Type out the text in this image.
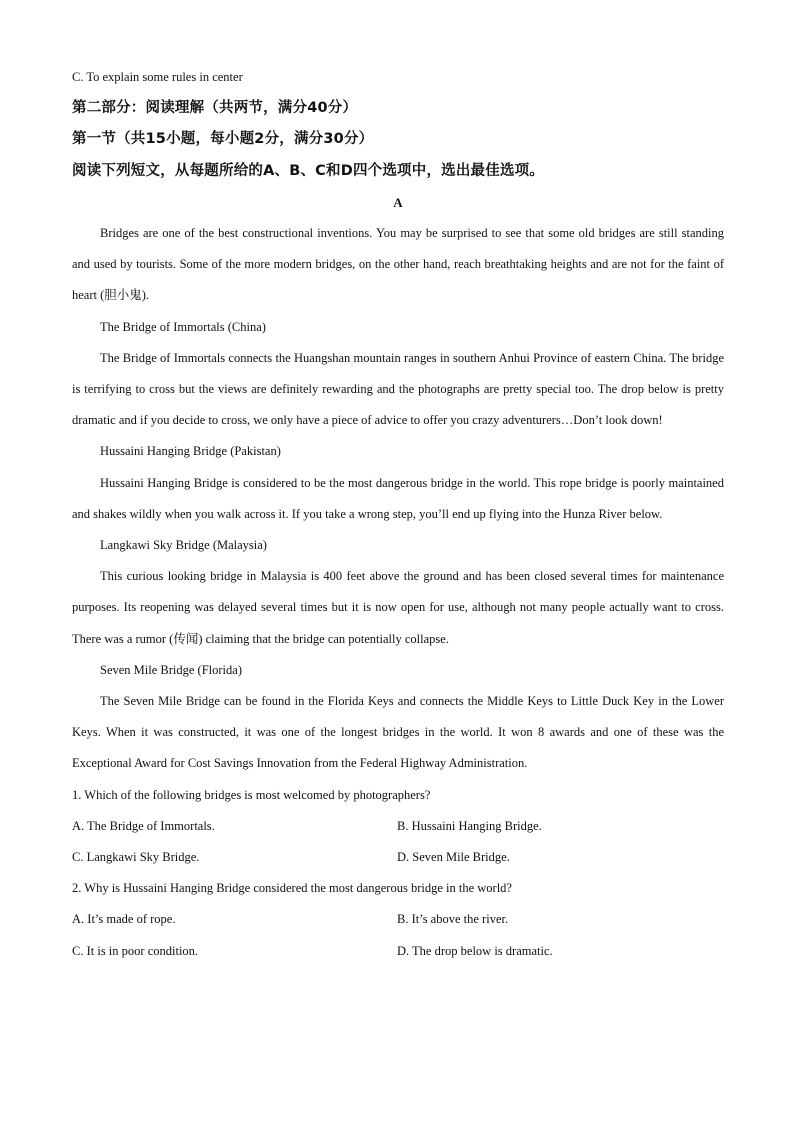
C. To explain some rules in center
第二部分：阅读理解（共两节，满分40分）
第一节（共15小题，每小题2分，满分30分）
阅读下列短文，从每题所给的A、B、C和D四个选项中，选出最佳选项。
A
Bridges are one of the best constructional inventions. You may be surprised to see that some old bridges are still standing and used by tourists. Some of the more modern bridges, on the other hand, reach breathtaking heights and are not for the faint of heart (胆小鬼).
The Bridge of Immortals (China)
The Bridge of Immortals connects the Huangshan mountain ranges in southern Anhui Province of eastern China. The bridge is terrifying to cross but the views are definitely rewarding and the photographs are pretty special too. The drop below is pretty dramatic and if you decide to cross, we only have a piece of advice to offer you crazy adventurers…Don’t look down!
Hussaini Hanging Bridge (Pakistan)
Hussaini Hanging Bridge is considered to be the most dangerous bridge in the world. This rope bridge is poorly maintained and shakes wildly when you walk across it. If you take a wrong step, you’ll end up flying into the Hunza River below.
Langkawi Sky Bridge (Malaysia)
This curious looking bridge in Malaysia is 400 feet above the ground and has been closed several times for maintenance purposes. Its reopening was delayed several times but it is now open for use, although not many people actually want to cross. There was a rumor (传闻) claiming that the bridge can potentially collapse.
Seven Mile Bridge (Florida)
The Seven Mile Bridge can be found in the Florida Keys and connects the Middle Keys to Little Duck Key in the Lower Keys. When it was constructed, it was one of the longest bridges in the world. It won 8 awards and one of these was the Exceptional Award for Cost Savings Innovation from the Federal Highway Administration.
1. Which of the following bridges is most welcomed by photographers?
A. The Bridge of Immortals.	B. Hussaini Hanging Bridge.
C. Langkawi Sky Bridge.	D. Seven Mile Bridge.
2. Why is Hussaini Hanging Bridge considered the most dangerous bridge in the world?
A. It’s made of rope.	B. It’s above the river.
C. It is in poor condition.	D. The drop below is dramatic.
